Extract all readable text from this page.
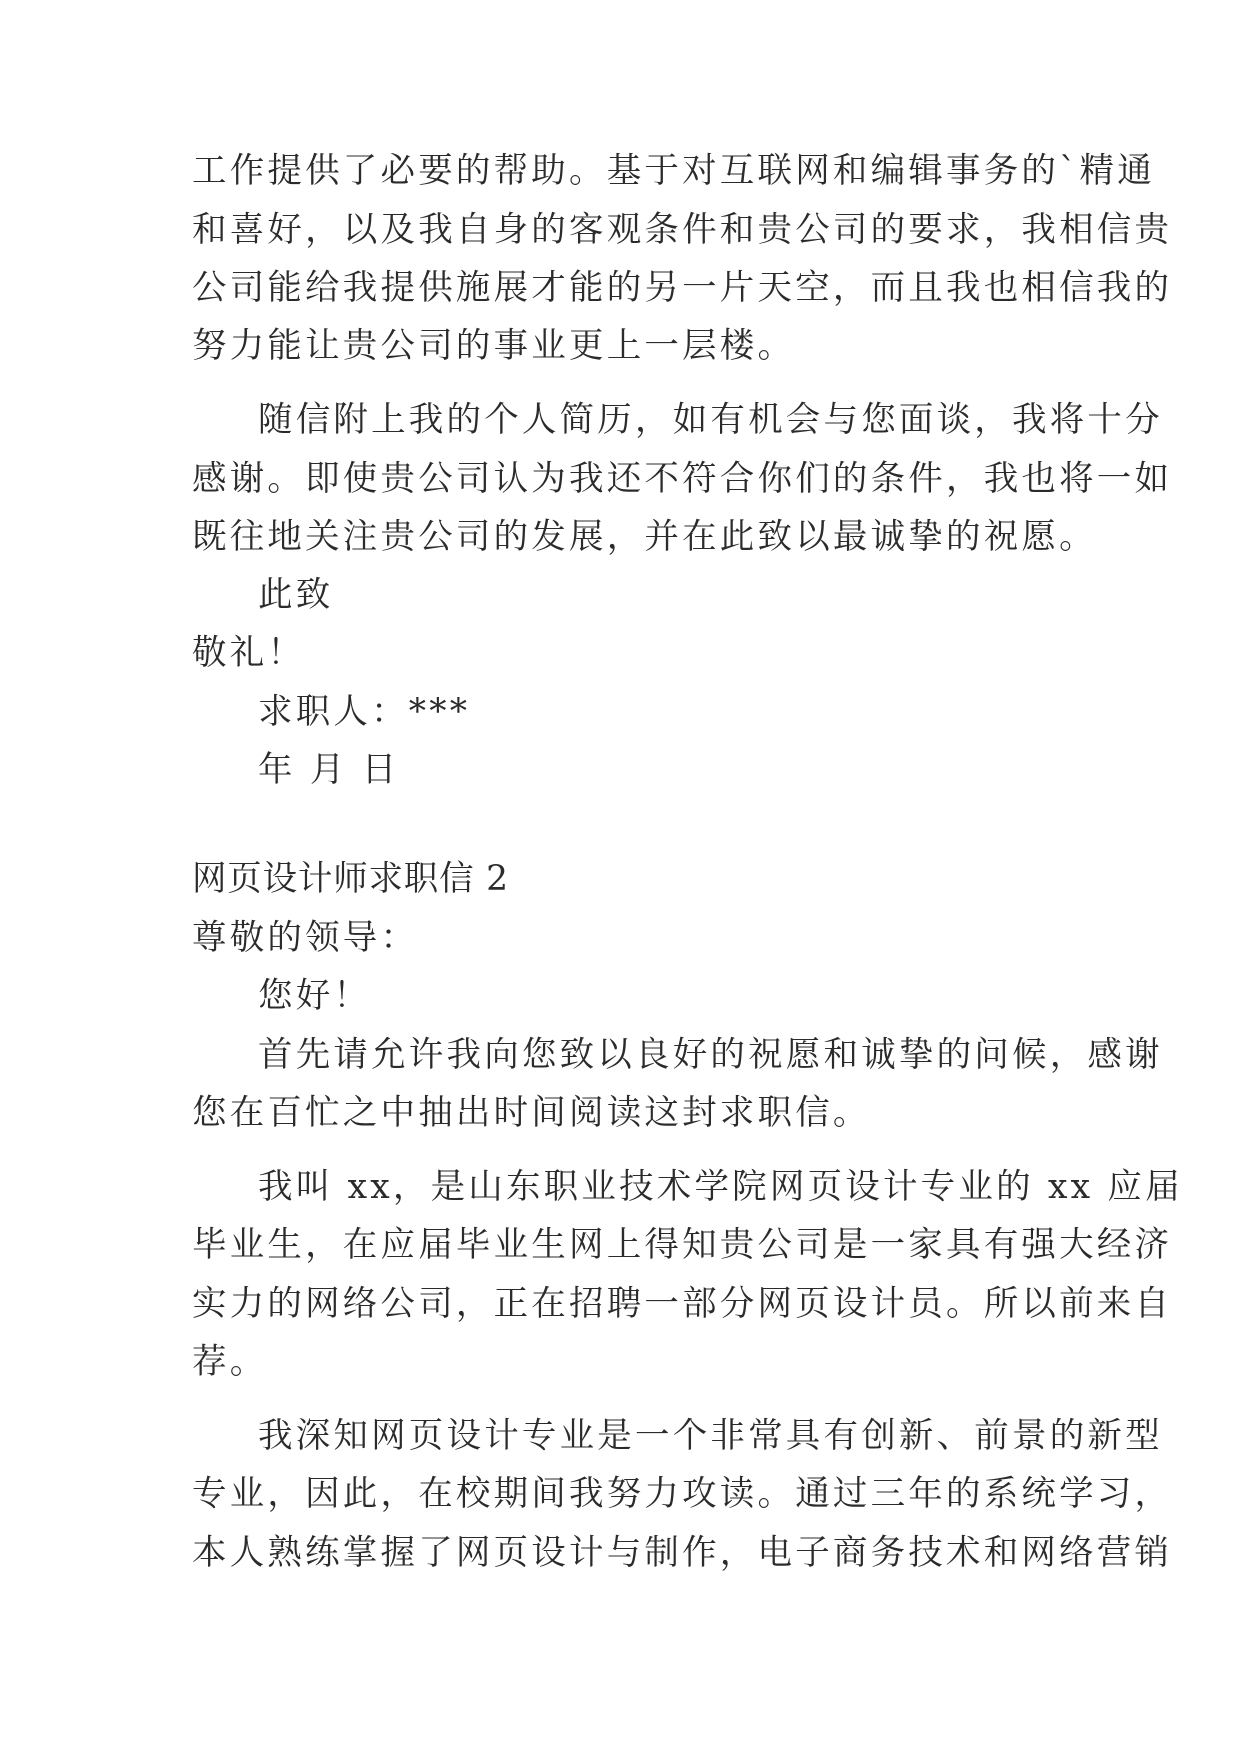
工作提供了必要的帮助。基于对互联网和编辑事务的`精通
和喜好，以及我自身的客观条件和贵公司的要求，我相信贵
公司能给我提供施展才能的另一片天空，而且我也相信我的
努力能让贵公司的事业更上一层楼。
随信附上我的个人简历，如有机会与您面谈，我将十分
感谢。即使贵公司认为我还不符合你们的条件，我也将一如
既往地关注贵公司的发展，并在此致以最诚挚的祝愿。
此致
敬礼！
求职人：***
年 月 日
网页设计师求职信 2
尊敬的领导：
您好！
首先请允许我向您致以良好的祝愿和诚挚的问候，感谢
您在百忙之中抽出时间阅读这封求职信。
我叫 xx，是山东职业技术学院网页设计专业的 xx 应届
毕业生，在应届毕业生网上得知贵公司是一家具有强大经济
实力的网络公司，正在招聘一部分网页设计员。所以前来自
荐。
我深知网页设计专业是一个非常具有创新、前景的新型
专业，因此，在校期间我努力攻读。通过三年的系统学习，
本人熟练掌握了网页设计与制作，电子商务技术和网络营销
